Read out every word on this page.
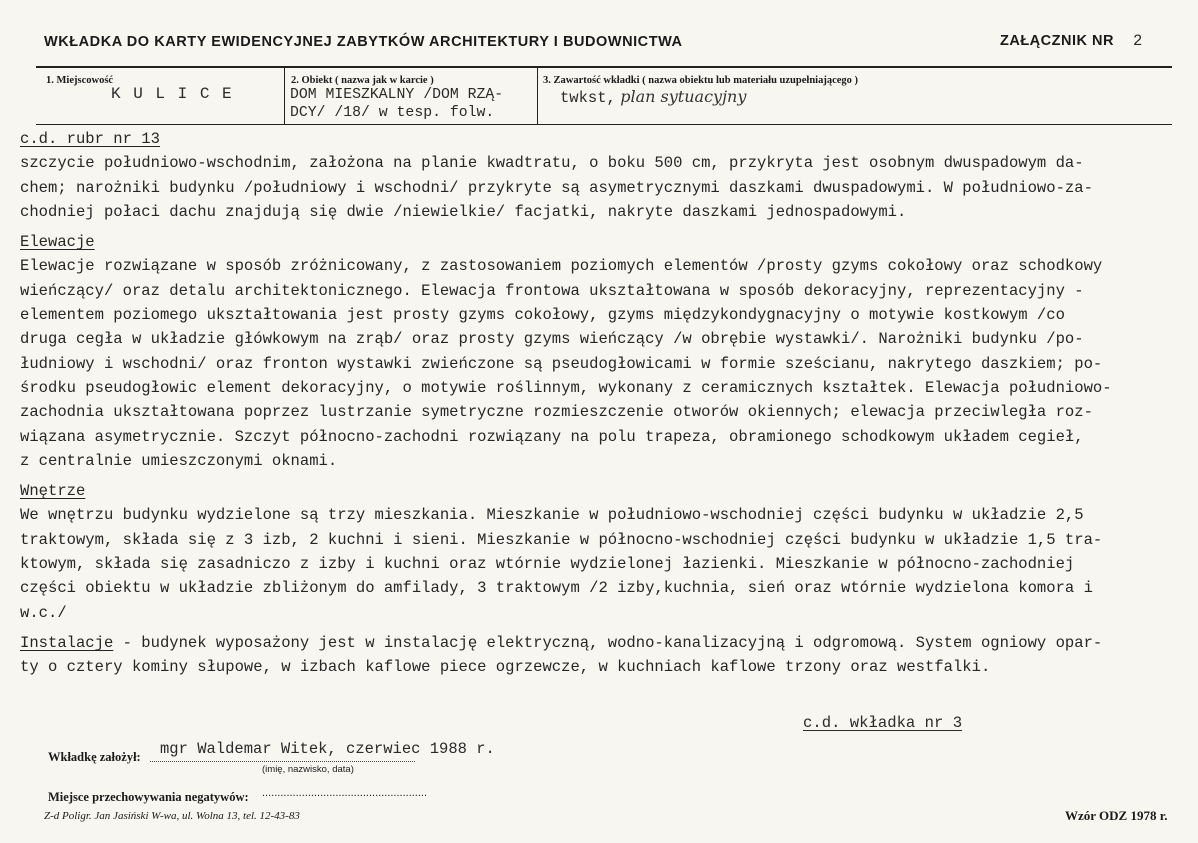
WKŁADKA DO KARTY EWIDENCYJNEJ ZABYTKÓW ARCHITEKTURY I BUDOWNICTWA	ZAŁĄCZNIK NR 2
1. Miejscowość
K U L I C E
2. Obiekt ( nazwa jak w karcie )
DOM MIESZKALNY /DOM RZĄ-
DCY/ /18/ w tesp. folw.
3. Zawartość wkładki ( nazwa obiektu lub materiału uzupełniającego )
twkst, plan sytuacyjny
c.d. rubr nr 13
szczycie południowo-wschodnim, założona na planie kwadtratu, o boku 500 cm, przykryta jest osobnym dwuspadowym da-
chem; narożniki budynku /południowy i wschodni/ przykryte są asymetrycznymi daszkami dwuspadowymi. W południowo-za-
chodniej połaci dachu znajdują się dwie /niewielkie/ facjatki, nakryte daszkami jednospadowymi.
Elewacje
Elewacje rozwiązane w sposób zróżnicowany, z zastosowaniem poziomych elementów /prosty gzyms cokołowy oraz schodkowy
wieńczący/ oraz detalu architektonicznego. Elewacja frontowa ukształtowana w sposób dekoracyjny, reprezentacyjny -
elementem poziomego ukształtowania jest prosty gzyms cokołowy, gzyms międzykondygnacyjny o motywie kostkowym /co
druga cegła w układzie główkowym na zrąb/ oraz prosty gzyms wieńczący /w obrębie wystawki/. Narożniki budynku /po-
łudniowy i wschodni/ oraz fronton wystawki zwieńczone są pseudogłowicami w formie sześcianu, nakrytego daszkiem; po-
środku pseudogłowic element dekoracyjny, o motywie roślinnym, wykonany z ceramicznych kształtek. Elewacja południowo-
zachodnia ukształtowana poprzez lustrzanie symetryczne rozmieszczenie otworów okiennych; elewacja przeciwległa roz-
wiązana asymetrycznie. Szczyt północno-zachodni rozwiązany na polu trapeza, obramionego schodkowym układem cegieł,
z centralnie umieszczonymi oknami.
Wnętrze
We wnętrzu budynku wydzielone są trzy mieszkania. Mieszkanie w południowo-wschodniej części budynku w układzie 2,5
traktowym, składa się z 3 izb, 2 kuchni i sieni. Mieszkanie w północno-wschodniej części budynku w układzie 1,5 tra-
ktowym, składa się zasadniczo z izby i kuchni oraz wtórnie wydzielonej łazienki. Mieszkanie w północno-zachodniej
części obiektu w układzie zbliżonym do amfilady, 3 traktowym /2 izby,kuchnia, sień oraz wtórnie wydzielona komora i
w.c./
Instalacje - budynek wyposażony jest w instalację elektryczną, wodno-kanalizacyjną i odgromową. System ogniowy opar-
ty o cztery kominy słupowe, w izbach kaflowe piece ogrzewcze, w kuchniach kaflowe trzony oraz westfalki.
c.d. wkładka nr 3
Wkładkę założył: mgr Waldemar Witek, czerwiec 1988 r.
(imię, nazwisko, data)
Miejsce przechowywania negatywów: ......................................................
Z-d Poligr. Jan Jasiński W-wa, ul. Wolna 13, tel. 12-43-83	Wzór ODZ 1978 r.
